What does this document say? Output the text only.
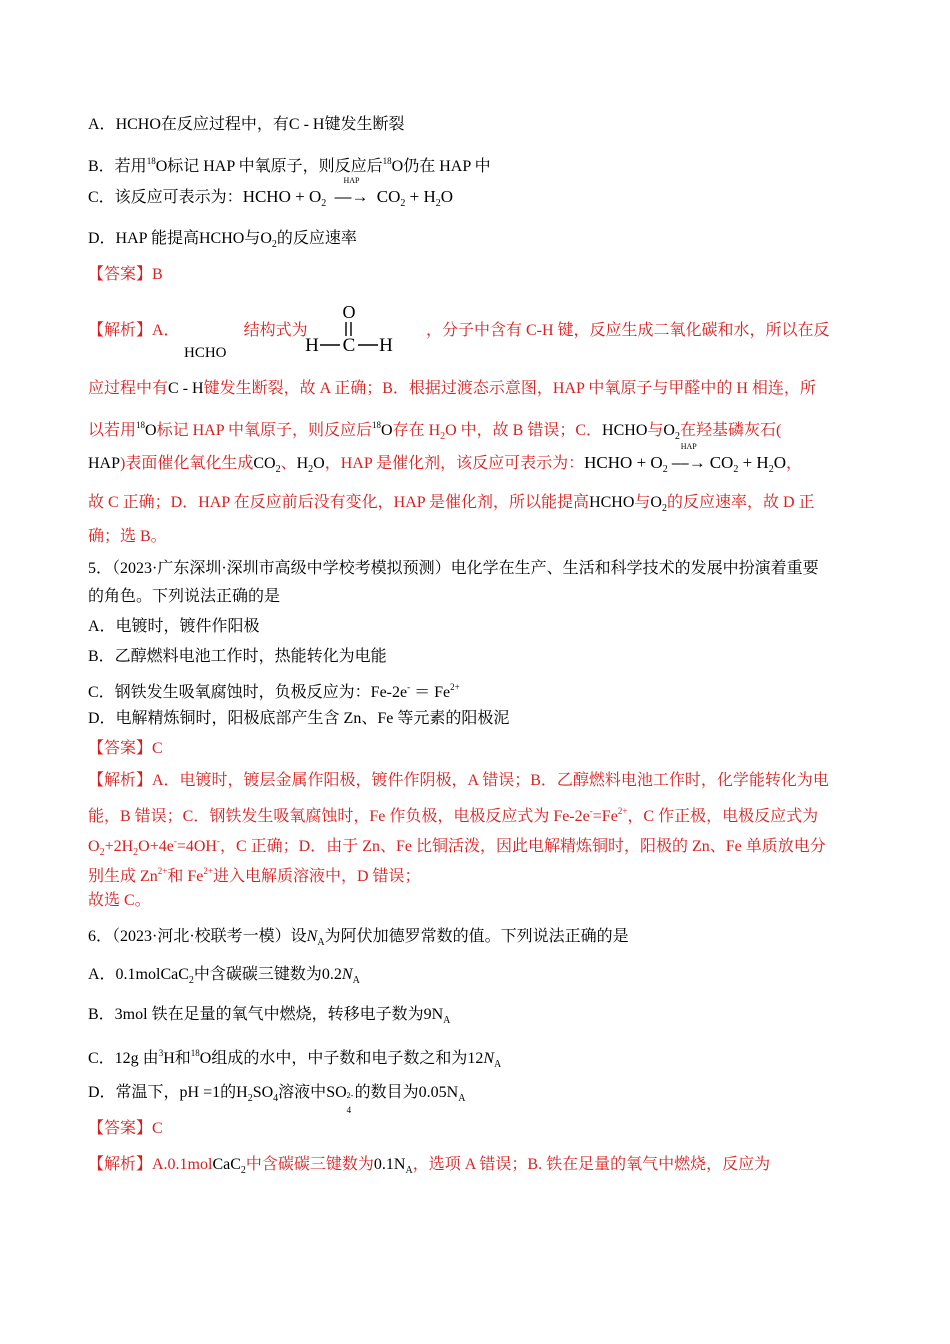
A．HCHO在反应过程中，有C - H键发生断裂
B．若用$^{18}$O标记 HAP 中氧原子，则反应后$^{18}$O仍在 HAP 中
C．该反应可表示为：HCHO + $O_2$
HAP
⎯⎯→ $CO_2 + H_2O$
D．HAP 能提高HCHO与$O_2$的反应速率
【答案】B
【解析】A．	结构式为
HCHO
O
H C H
，分子中含有 C-H 键，反应生成二氧化碳和水，所以在反
应过程中有C - H键发生断裂，故 A 正确；B．根据过渡态示意图，HAP 中氧原子与甲醛中的 H 相连，所
以若用$^{18}$O标记 HAP 中氧原子，则反应后$^{18}$O存在 $H_2O$ 中，故 B 错误；C．HCHO与$O_2$在羟基磷灰石(
HAP)表面催化氧化生成$CO_2$、$H_2O$，HAP 是催化剂，该反应可表示为：HCHO + $O_2$
HAP
⎯⎯→ $CO_2 + H_2O$，
故 C 正确；D．HAP 在反应前后没有变化，HAP 是催化剂，所以能提高HCHO与$O_2$的反应速率，故 D 正
确；选 B。
5．（2023·广东深圳·深圳市高级中学校考模拟预测）电化学在生产、生活和科学技术的发展中扮演着重要
的角色。下列说法正确的是
A．电镀时，镀件作阳极
B．乙醇燃料电池工作时，热能转化为电能
C．钢铁发生吸氧腐蚀时，负极反应为：$Fe-2e^- = Fe^{2+}$
D．电解精炼铜时，阳极底部产生含 Zn、Fe 等元素的阳极泥
【答案】C
【解析】A．电镀时，镀层金属作阳极，镀件作阴极，A 错误；B．乙醇燃料电池工作时，化学能转化为电
能，B 错误；C．钢铁发生吸氧腐蚀时，Fe 作负极，电极反应式为 $Fe-2e^-=Fe^{2+}$，C 作正极，电极反应式为
$O_2+2H_2O+4e^-=4OH^-$，C 正确；D．由于 Zn、Fe 比铜活泼，因此电解精炼铜时，阳极的 Zn、Fe 单质放电分
别生成 $Zn^{2+}$和 $Fe^{2+}$进入电解质溶液中，D 错误；
故选 C。
6．（2023·河北·校联考一模）设$N_A$为阿伏加德罗常数的值。下列说法正确的是
A．0.1molCaC$_2$中含碳碳三键数为$0.2N_A$
B．3mol 铁在足量的氧气中燃烧，转移电子数为$9N_A$
C．12g 由$^3$H和$^{18}$O组成的水中，中子数和电子数之和为$12N_A$
D．常温下，pH =1的$H_2SO_4$溶液中SO 2-
4
的数目为$0.05N_A$
【答案】C
【解析】A.0.1molCaC$_2$中含碳碳三键数为$0.1N_A$，选项 A 错误；B. 铁在足量的氧气中燃烧，反应为
